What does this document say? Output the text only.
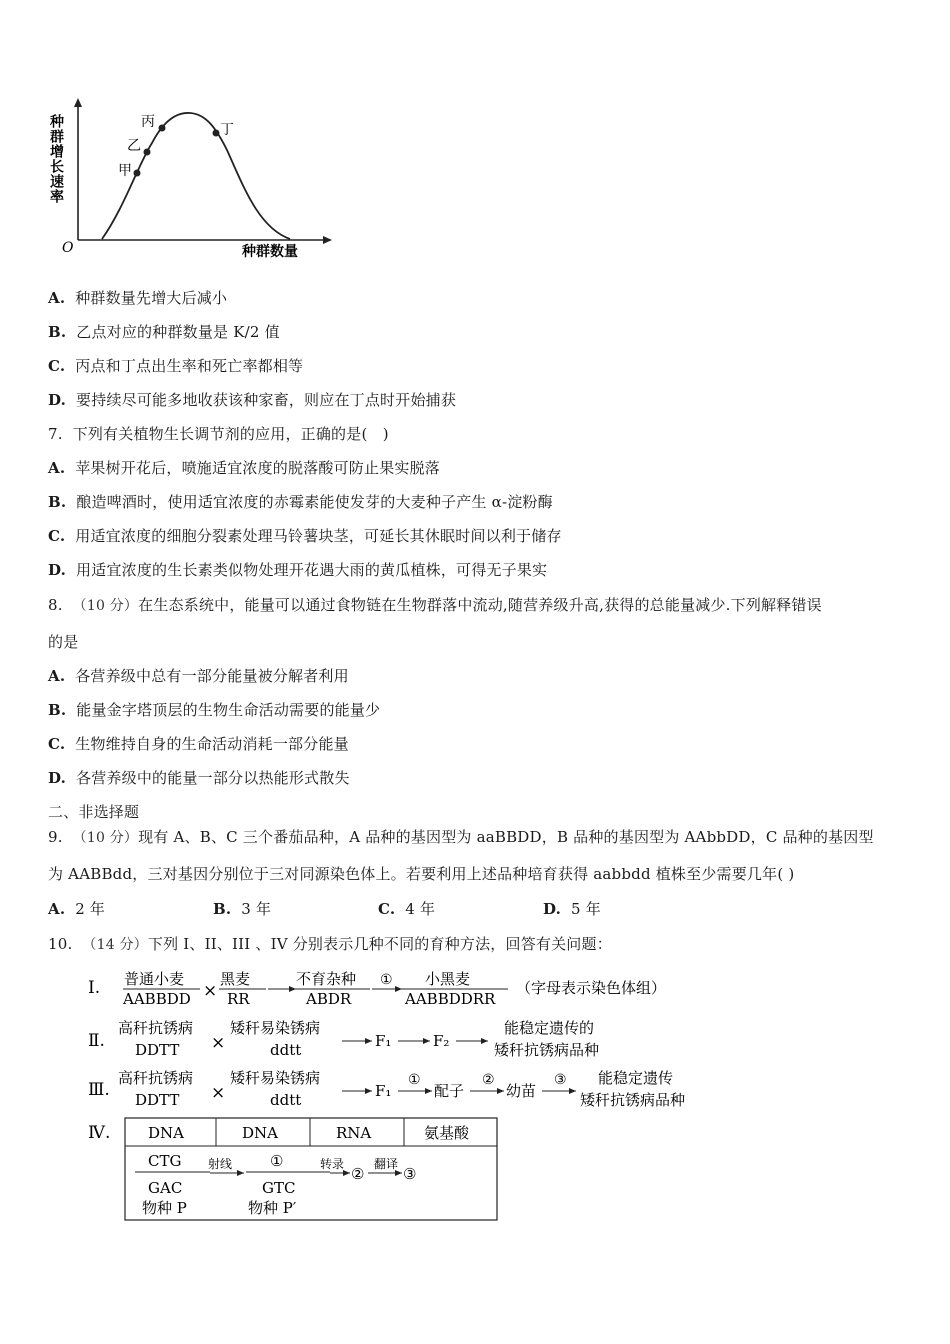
甲
乙
丙	丁
O	种群数量
种群增长速率
A. 种群数量先增大后减小
B. 乙点对应的种群数量是 K/2 值
C. 丙点和丁点出生率和死亡率都相等
D. 要持续尽可能多地收获该种家畜，则应在丁点时开始捕获
7. 下列有关植物生长调节剂的应用，正确的是(　)
A. 苹果树开花后，喷施适宜浓度的脱落酸可防止果实脱落
B. 酿造啤酒时，使用适宜浓度的赤霉素能使发芽的大麦种子产生 α-淀粉酶
C. 用适宜浓度的细胞分裂素处理马铃薯块茎，可延长其休眠时间以利于储存
D. 用适宜浓度的生长素类似物处理开花遇大雨的黄瓜植株，可得无子果实
8. （10 分）在生态系统中，能量可以通过食物链在生物群落中流动,随营养级升高,获得的总能量减少.下列解释错误
的是
A. 各营养级中总有一部分能量被分解者利用
B. 能量金字塔顶层的生物生命活动需要的能量少
C. 生物维持自身的生命活动消耗一部分能量
D. 各营养级中的能量一部分以热能形式散失
二、非选择题
9. （10 分）现有 A、B、C 三个番茄品种，A 品种的基因型为 aaBBDD，B 品种的基因型为 AAbbDD，C 品种的基因型
为 AABBdd，三对基因分别位于三对同源染色体上。若要利用上述品种培育获得 aabbdd 植株至少需要几年( )
A. 2 年	B. 3 年	C. 4 年	D. 5 年
10. （14 分）下列 I、II、III 、IV 分别表示几种不同的育种方法，回答有关问题：
Ⅰ. 普通小麦
AABBDD ×
黑麦
RR
不育杂种
ABDR
① 小黑麦
AABBDDRR
（字母表示染色体组）
Ⅱ.
高秆抗锈病
DDTT ×
矮秆易染锈病
ddtt	F₁	F₂
能稳定遗传的
矮秆抗锈病品种
Ⅲ.
高秆抗锈病
DDTT ×
矮秆易染锈病
ddtt	F₁
①
配子
②
幼苗
③ 能稳定遗传
矮秆抗锈病品种
Ⅳ.	DNA	DNA	RNA	氨基酸
CTG
GAC
物种 P
射线	①
GTC
物种 P′
转录
②
翻译
③
